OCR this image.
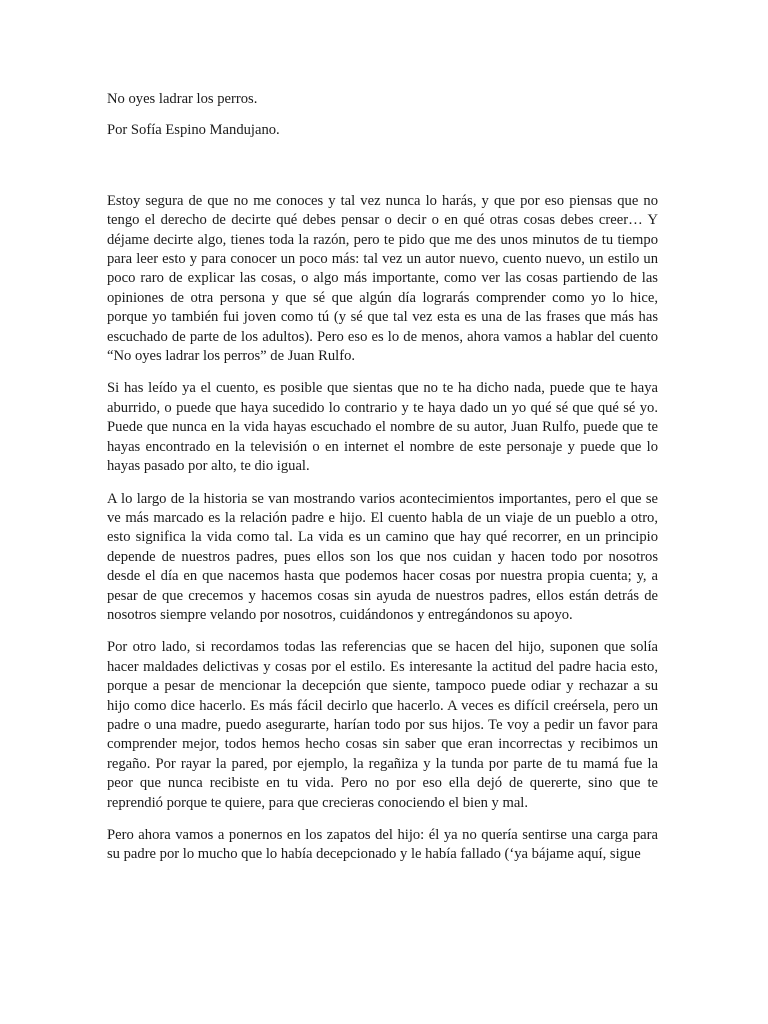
No oyes ladrar los perros.

Por Sofía Espino Mandujano.

Estoy segura de que no me conoces y tal vez nunca lo harás, y que por eso piensas que no tengo el derecho de decirte qué debes pensar o decir o en qué otras cosas debes creer… Y déjame decirte algo, tienes toda la razón, pero te pido que me des unos minutos de tu tiempo para leer esto y para conocer un poco más: tal vez un autor nuevo, cuento nuevo, un estilo un poco raro de explicar las cosas, o algo más importante, como ver las cosas partiendo de las opiniones de otra persona y que sé que algún día lograrás comprender como yo lo hice, porque yo también fui joven como tú (y sé que tal vez esta es una de las frases que más has escuchado de parte de los adultos). Pero eso es lo de menos, ahora vamos a hablar del cuento “No oyes ladrar los perros” de Juan Rulfo.

Si has leído ya el cuento, es posible que sientas que no te ha dicho nada, puede que te haya aburrido, o puede que haya sucedido lo contrario y te haya dado un yo qué sé que qué sé yo. Puede que nunca en la vida hayas escuchado el nombre de su autor, Juan Rulfo, puede que te hayas encontrado en la televisión o en internet el nombre de este personaje y puede que lo hayas pasado por alto, te dio igual.

A lo largo de la historia se van mostrando varios acontecimientos importantes, pero el que se ve más marcado es la relación padre e hijo. El cuento habla de un viaje de un pueblo a otro, esto significa la vida como tal. La vida es un camino que hay qué recorrer, en un principio depende de nuestros padres, pues ellos son los que nos cuidan y hacen todo por nosotros desde el día en que nacemos hasta que podemos hacer cosas por nuestra propia cuenta; y, a pesar de que crecemos y hacemos cosas sin ayuda de nuestros padres, ellos están detrás de nosotros siempre velando por nosotros, cuidándonos y entregándonos su apoyo.

Por otro lado, si recordamos todas las referencias que se hacen del hijo, suponen que solía hacer maldades delictivas y cosas por el estilo. Es interesante la actitud del padre hacia esto, porque a pesar de mencionar la decepción que siente, tampoco puede odiar y rechazar a su hijo como dice hacerlo. Es más fácil decirlo que hacerlo. A veces es difícil creérsela, pero un padre o una madre, puedo asegurarte, harían todo por sus hijos. Te voy a pedir un favor para comprender mejor, todos hemos hecho cosas sin saber que eran incorrectas y recibimos un regaño. Por rayar la pared, por ejemplo, la regañiza y la tunda por parte de tu mamá fue la peor que nunca recibiste en tu vida. Pero no por eso ella dejó de quererte, sino que te reprendió porque te quiere, para que crecieras conociendo el bien y mal.

Pero ahora vamos a ponernos en los zapatos del hijo: él ya no quería sentirse una carga para su padre por lo mucho que lo había decepcionado y le había fallado (‘ya bájame aquí, sigue
